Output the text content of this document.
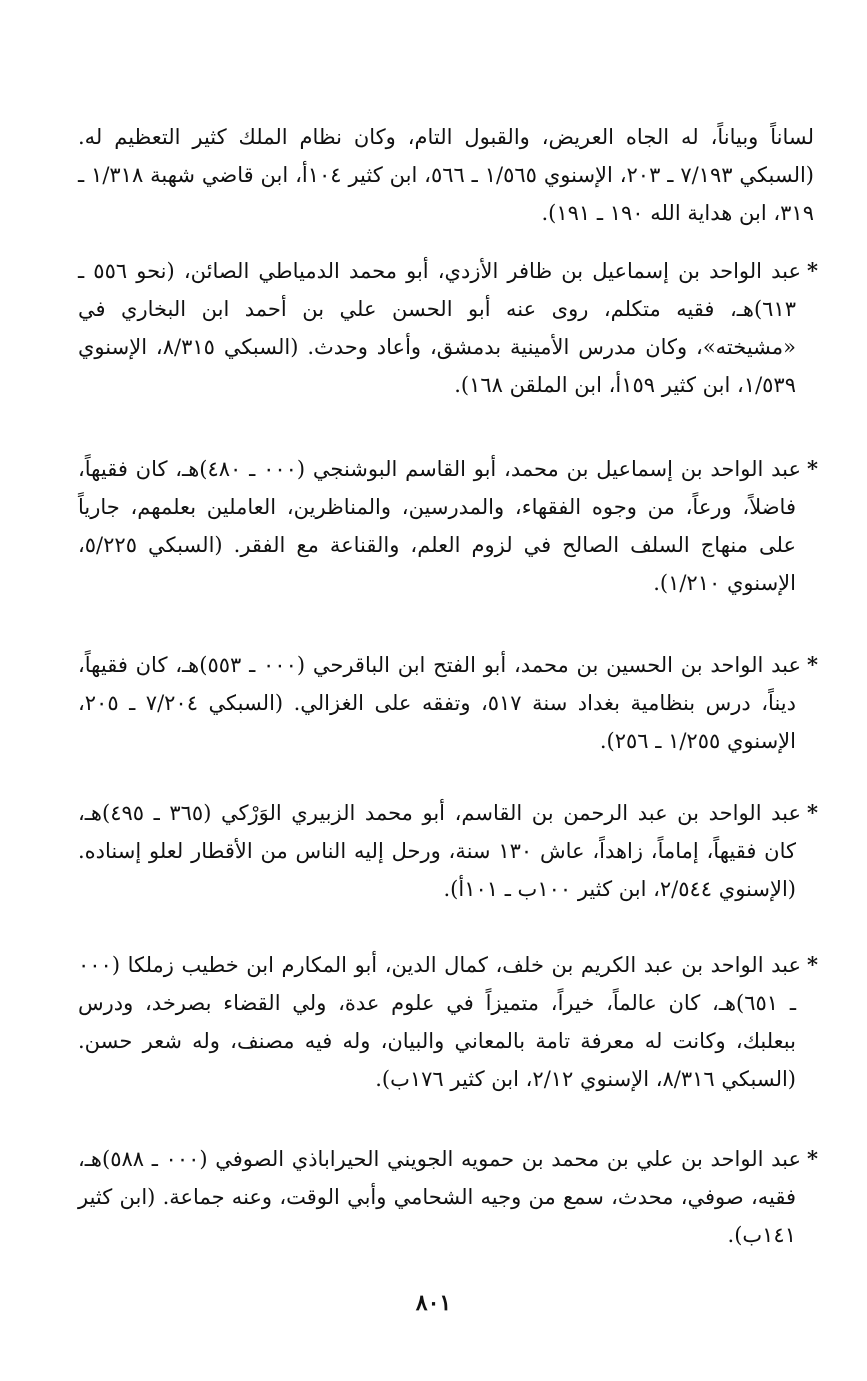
لساناً وبياناً، له الجاه العريض، والقبول التام، وكان نظام الملك كثير التعظيم له. (السبكي ٧/١٩٣ ـ ٢٠٣، الإسنوي ١/٥٦٥ ـ ٥٦٦، ابن كثير ١٠٤أ، ابن قاضي شهبة ١/٣١٨ ـ ٣١٩، ابن هداية الله ١٩٠ ـ ١٩١).
*عبد الواحد بن إسماعيل بن ظافر الأزدي، أبو محمد الدمياطي الصائن، (نحو ٥٥٦ ـ ٦١٣)هـ، فقيه متكلم، روى عنه أبو الحسن علي بن أحمد ابن البخاري في «مشيخته»، وكان مدرس الأمينية بدمشق، وأعاد وحدث. (السبكي ٨/٣١٥، الإسنوي ١/٥٣٩، ابن كثير ١٥٩أ، ابن الملقن ١٦٨).
*عبد الواحد بن إسماعيل بن محمد، أبو القاسم البوشنجي (٠٠٠ ـ ٤٨٠)هـ، كان فقيهاً، فاضلاً، ورعاً، من وجوه الفقهاء، والمدرسين، والمناظرين، العاملين بعلمهم، جارياً على منهاج السلف الصالح في لزوم العلم، والقناعة مع الفقر. (السبكي ٥/٢٢٥، الإسنوي ١/٢١٠).
*عبد الواحد بن الحسين بن محمد، أبو الفتح ابن الباقرحي (٠٠٠ ـ ٥٥٣)هـ، كان فقيهاً، ديناً، درس بنظامية بغداد سنة ٥١٧، وتفقه على الغزالي. (السبكي ٧/٢٠٤ ـ ٢٠٥، الإسنوي ١/٢٥٥ ـ ٢٥٦).
*عبد الواحد بن عبد الرحمن بن القاسم، أبو محمد الزبيري الوَرْكي (٣٦٥ ـ ٤٩٥)هـ، كان فقيهاً، إماماً، زاهداً، عاش ١٣٠ سنة، ورحل إليه الناس من الأقطار لعلو إسناده. (الإسنوي ٢/٥٤٤، ابن كثير ١٠٠ب ـ ١٠١أ).
*عبد الواحد بن عبد الكريم بن خلف، كمال الدين، أبو المكارم ابن خطيب زملكا (٠٠٠ ـ ٦٥١)هـ، كان عالماً، خيراً، متميزاً في علوم عدة، ولي القضاء بصرخد، ودرس ببعلبك، وكانت له معرفة تامة بالمعاني والبيان، وله فيه مصنف، وله شعر حسن. (السبكي ٨/٣١٦، الإسنوي ٢/١٢، ابن كثير ١٧٦ب).
*عبد الواحد بن علي بن محمد بن حمويه الجويني الحيراباذي الصوفي (٠٠٠ ـ ٥٨٨)هـ، فقيه، صوفي، محدث، سمع من وجيه الشحامي وأبي الوقت، وعنه جماعة. (ابن كثير ١٤١ب).
٨٠١
